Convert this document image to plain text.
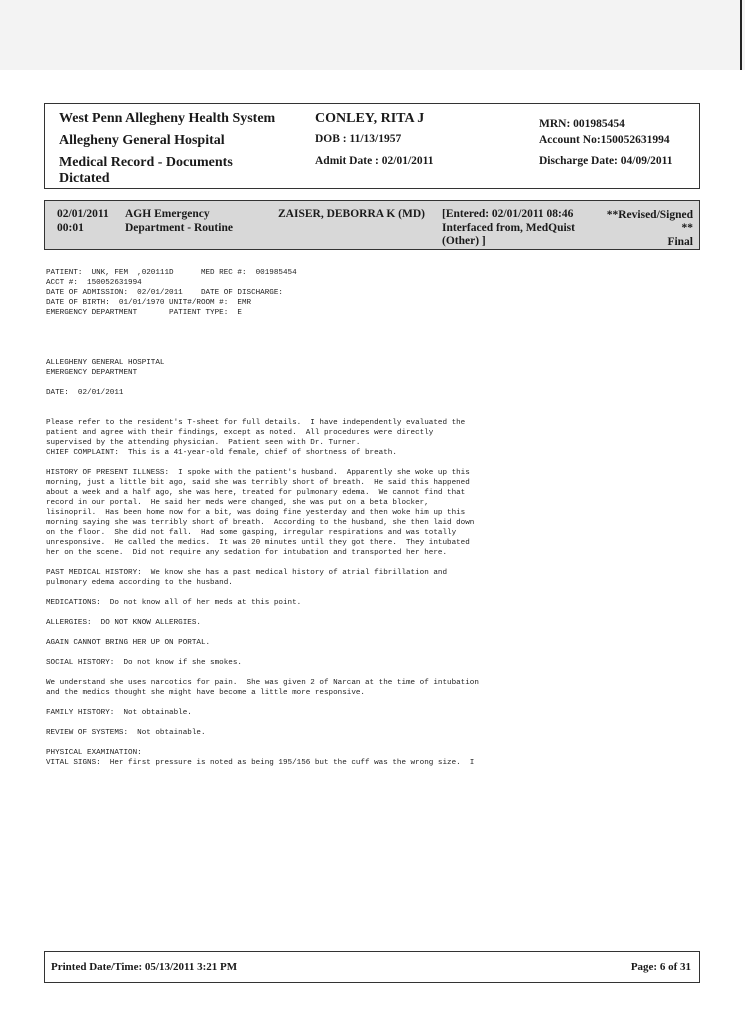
West Penn Allegheny Health System
Allegheny General Hospital
Medical Record - Documents Dictated
CONLEY, RITA J
DOB : 11/13/1957
Admit Date : 02/01/2011
MRN: 001985454
Account No:150052631994
Discharge Date: 04/09/2011
02/01/2011
00:01
AGH Emergency
Department - Routine
ZAISER, DEBORRA K (MD) [Entered: 02/01/2011 08:46
Interfaced from, MedQuist
(Other) ]
**Revised/Signed
**
Final

PATIENT:  UNK, FEM  ,020111D      MED REC #:  001985454

ACCT #:  150052631994

DATE OF ADMISSION:  02/01/2011    DATE OF DISCHARGE:

DATE OF BIRTH:  01/01/1970 UNIT#/ROOM #:  EMR

EMERGENCY DEPARTMENT       PATIENT TYPE:  E

ALLEGHENY GENERAL HOSPITAL

EMERGENCY DEPARTMENT

DATE:  02/01/2011

Please refer to the resident's T-sheet for full details.  I have independently evaluated the

patient and agree with their findings, except as noted.  All procedures were directly

supervised by the attending physician.  Patient seen with Dr. Turner.

CHIEF COMPLAINT:  This is a 41-year-old female, chief of shortness of breath.

HISTORY OF PRESENT ILLNESS:  I spoke with the patient's husband.  Apparently she woke up this

morning, just a little bit ago, said she was terribly short of breath.  He said this happened

about a week and a half ago, she was here, treated for pulmonary edema.  We cannot find that

record in our portal.  He said her meds were changed, she was put on a beta blocker,

lisinopril.  Has been home now for a bit, was doing fine yesterday and then woke him up this

morning saying she was terribly short of breath.  According to the husband, she then laid down

on the floor.  She did not fall.  Had some gasping, irregular respirations and was totally

unresponsive.  He called the medics.  It was 20 minutes until they got there.  They intubated

her on the scene.  Did not require any sedation for intubation and transported her here.

PAST MEDICAL HISTORY:  We know she has a past medical history of atrial fibrillation and

pulmonary edema according to the husband.

MEDICATIONS:  Do not know all of her meds at this point.

ALLERGIES:  DO NOT KNOW ALLERGIES.

AGAIN CANNOT BRING HER UP ON PORTAL.

SOCIAL HISTORY:  Do not know if she smokes.

We understand she uses narcotics for pain.  She was given 2 of Narcan at the time of intubation

and the medics thought she might have become a little more responsive.

FAMILY HISTORY:  Not obtainable.

REVIEW OF SYSTEMS:  Not obtainable.

PHYSICAL EXAMINATION:

VITAL SIGNS:  Her first pressure is noted as being 195/156 but the cuff was the wrong size.  I

Printed Date/Time: 05/13/2011 3:21 PM	Page: 6 of 31
